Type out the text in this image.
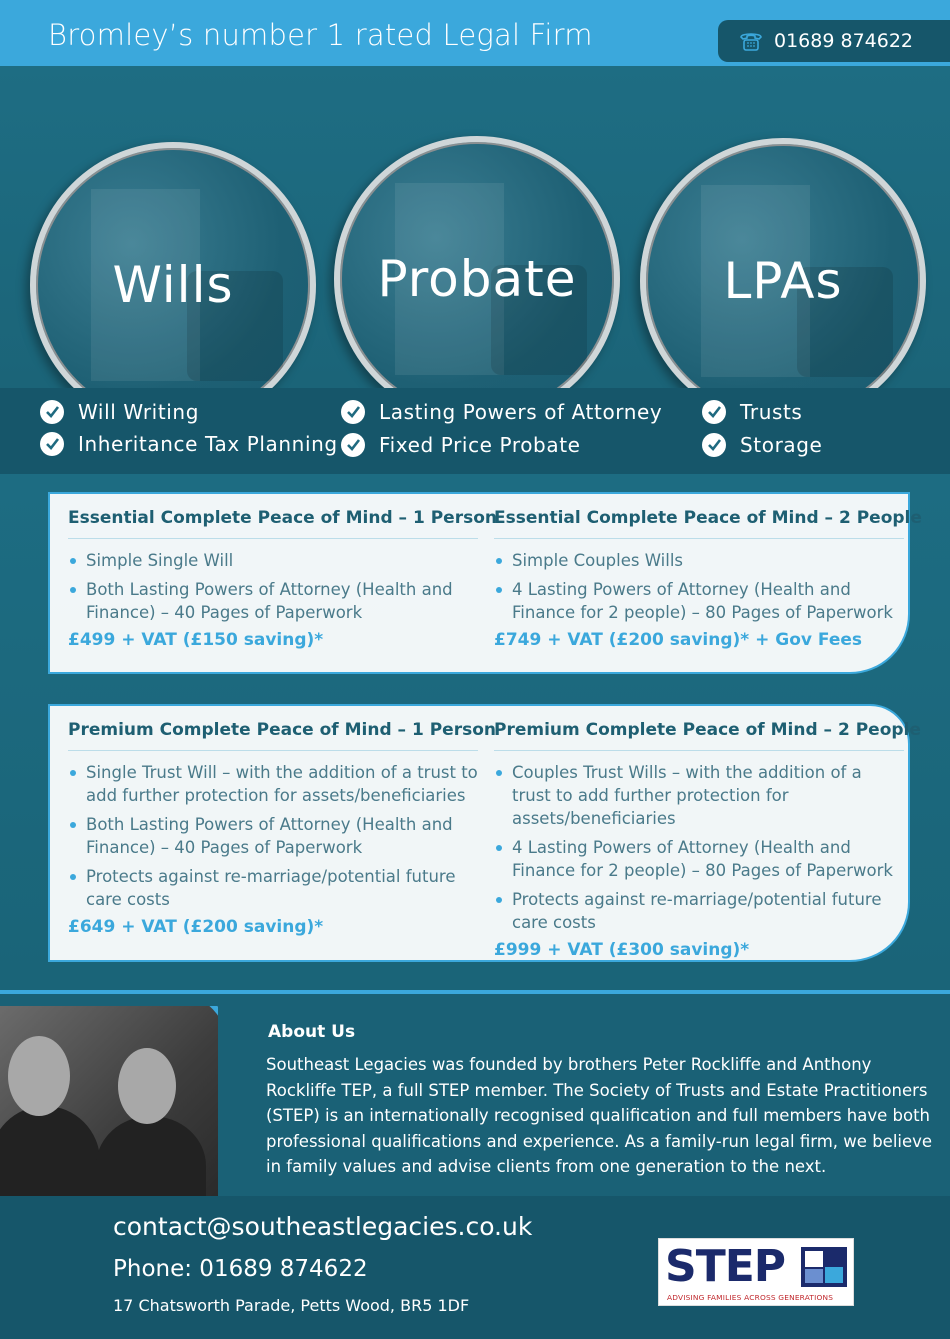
Bromley’s number 1 rated Legal Firm	01689 874622
Wills	Probate	LPAs
Will Writing
Inheritance Tax Planning
Lasting Powers of Attorney
Fixed Price Probate
Trusts
Storage
Essential Complete Peace of Mind – 1 Person
Simple Single Will
Both Lasting Powers of Attorney (Health and Finance) – 40 Pages of Paperwork
£499 + VAT (£150 saving)*
Essential Complete Peace of Mind – 2 People
Simple Couples Wills
4 Lasting Powers of Attorney (Health and Finance for 2 people) – 80 Pages of Paperwork
£749 + VAT (£200 saving)* + Gov Fees
Premium Complete Peace of Mind – 1 Person
Single Trust Will – with the addition of a trust to add further protection for assets/beneficiaries
Both Lasting Powers of Attorney (Health and Finance) – 40 Pages of Paperwork
Protects against re-marriage/potential future care costs
£649 + VAT (£200 saving)*
Premium Complete Peace of Mind – 2 People
Couples Trust Wills – with the addition of a trust to add further protection for assets/beneficiaries
4 Lasting Powers of Attorney (Health and Finance for 2 people) – 80 Pages of Paperwork
Protects against re-marriage/potential future care costs
£999 + VAT (£300 saving)*
About Us

Southeast Legacies was founded by brothers Peter Rockliffe and Anthony Rockliffe TEP, a full STEP member. The Society of Trusts and Estate Practitioners (STEP) is an internationally recognised qualification and full members have both professional qualifications and experience. As a family-run legal firm, we believe in family values and advise clients from one generation to the next.

contact@southeastlegacies.co.uk
Phone: 01689 874622
17 Chatsworth Parade, Petts Wood, BR5 1DF
STEP
ADVISING FAMILIES ACROSS GENERATIONS
